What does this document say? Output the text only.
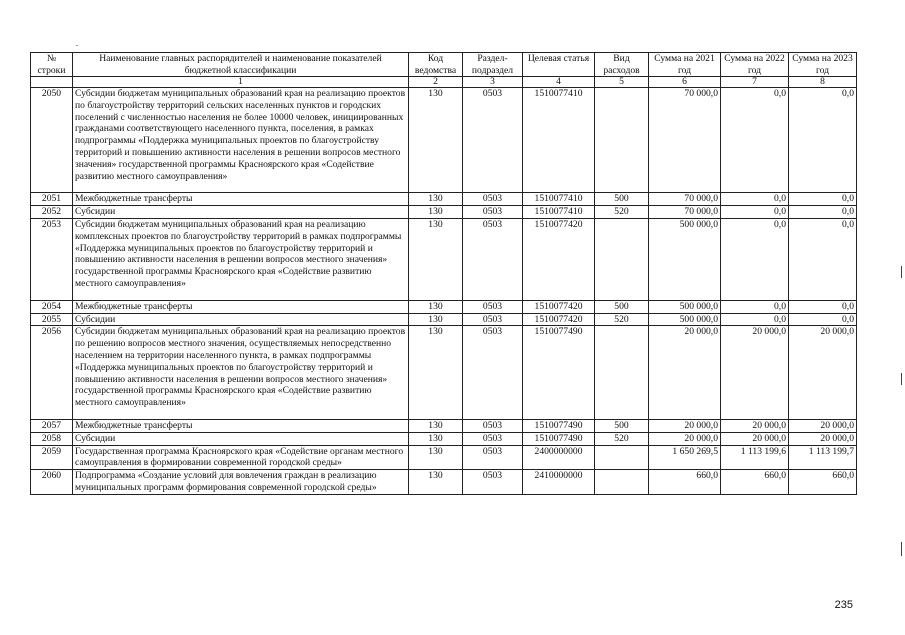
№ строки	Наименование главных распорядителей и наименование показателей бюджетной классификации	Код ведомства	Раздел-подраздел	Целевая статья	Вид расходов	Сумма на 2021 год	Сумма на 2022 год	Сумма на 2023 год
	1	2	3	4	5	6	7	8
2050	Субсидии бюджетам муниципальных образований края на реализацию проектов по благоустройству территорий сельских населенных пунктов и городских поселений с численностью населения не более 10000 человек, инициированных гражданами соответствующего населенного пункта, поселения, в рамках подпрограммы «Поддержка муниципальных проектов по благоустройству территорий и повышению активности населения в решении вопросов местного значения» государственной программы Красноярского края «Содействие развитию местного самоуправления»	130	0503	1510077410		70 000,0	0,0	0,0
2051	Межбюджетные трансферты	130	0503	1510077410	500	70 000,0	0,0	0,0
2052	Субсидии	130	0503	1510077410	520	70 000,0	0,0	0,0
2053	Субсидии бюджетам муниципальных образований края на реализацию комплексных проектов по благоустройству территорий в рамках подпрограммы «Поддержка муниципальных проектов по благоустройству территорий и повышению активности населения в решении вопросов местного значения» государственной программы Красноярского края «Содействие развитию местного самоуправления»	130	0503	1510077420		500 000,0	0,0	0,0
2054	Межбюджетные трансферты	130	0503	1510077420	500	500 000,0	0,0	0,0
2055	Субсидии	130	0503	1510077420	520	500 000,0	0,0	0,0
2056	Субсидии бюджетам муниципальных образований края на реализацию проектов по решению вопросов местного значения, осуществляемых непосредственно населением на территории населенного пункта, в рамках подпрограммы «Поддержка муниципальных проектов по благоустройству территорий и повышению активности населения в решении вопросов местного значения» государственной программы Красноярского края «Содействие развитию местного самоуправления»	130	0503	1510077490		20 000,0	20 000,0	20 000,0
2057	Межбюджетные трансферты	130	0503	1510077490	500	20 000,0	20 000,0	20 000,0
2058	Субсидии	130	0503	1510077490	520	20 000,0	20 000,0	20 000,0
2059	Государственная программа Красноярского края «Содействие органам местного самоуправления в формировании современной городской среды»	130	0503	2400000000		1 650 269,5	1 113 199,6	1 113 199,7
2060	Подпрограмма «Создание условий для вовлечения граждан в реализацию муниципальных программ формирования современной городской среды»	130	0503	2410000000		660,0	660,0	660,0
235
